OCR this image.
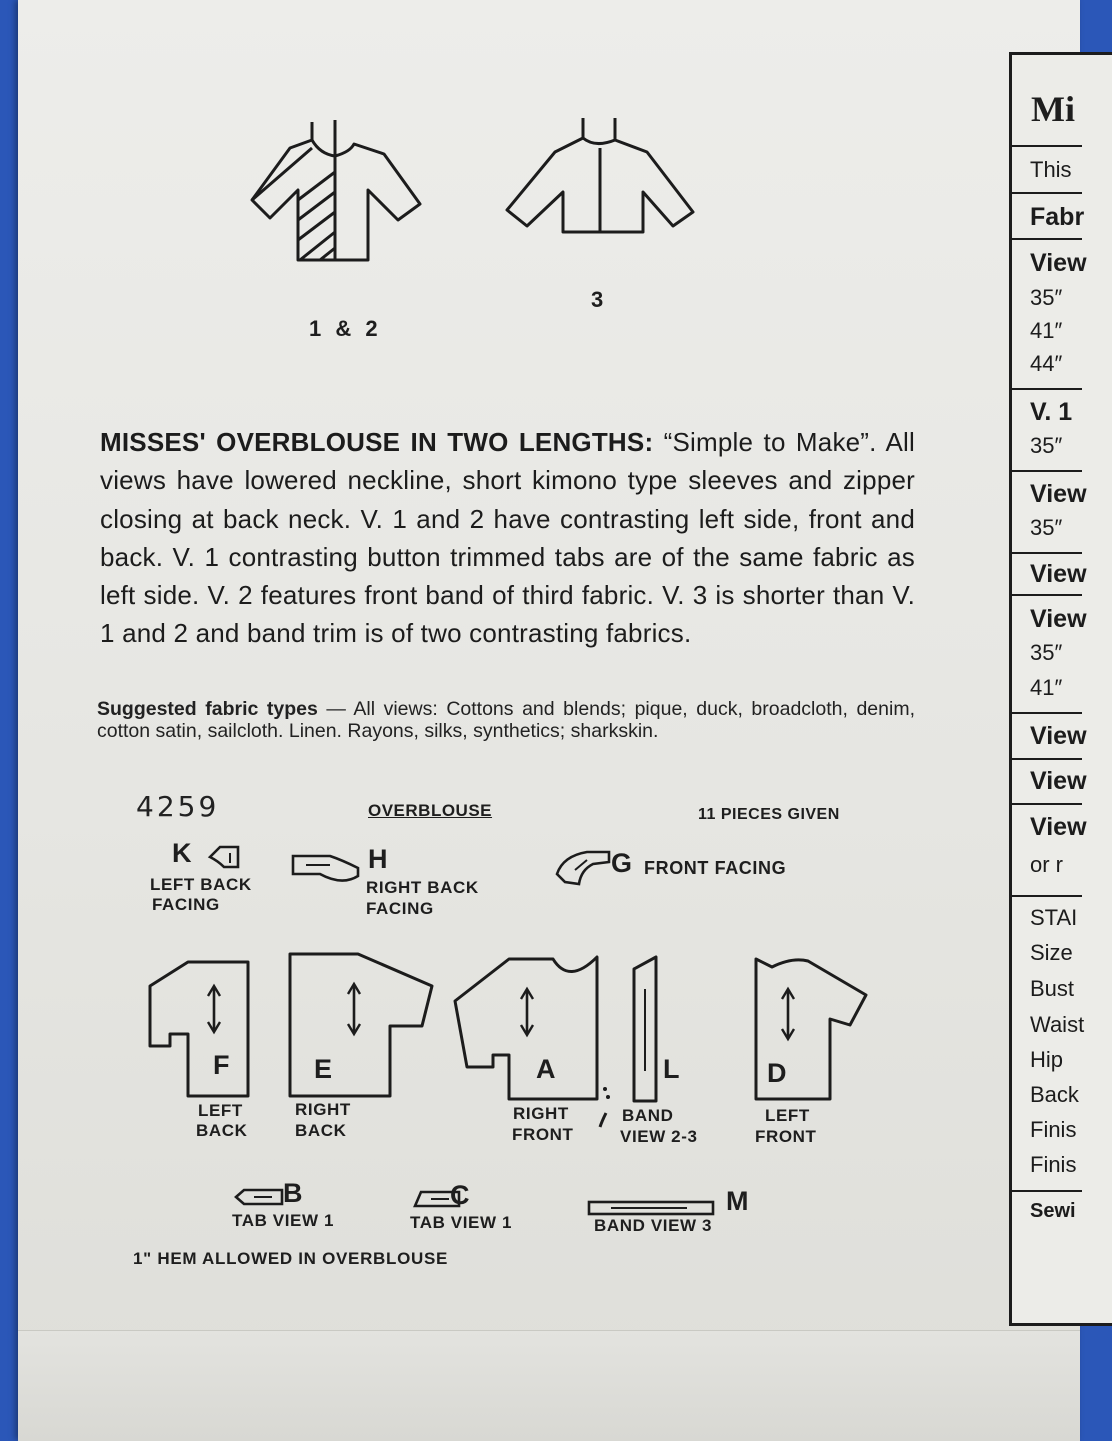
1 & 2
3
MISSES' OVERBLOUSE IN TWO LENGTHS: “Simple to Make”. All views have lowered neckline, short kimono type sleeves and zipper closing at back neck. V. 1 and 2 have contrasting left side, front and back. V. 1 contrasting button trimmed tabs are of the same fabric as left side. V. 2 features front band of third fabric. V. 3 is shorter than V. 1 and 2 and band trim is of two contrasting fabrics.
Suggested fabric types — All views: Cottons and blends; pique, duck, broadcloth, denim, cotton satin, sailcloth. Linen. Rayons, silks, synthetics; sharkskin.
4259	OVERBLOUSE	11 PIECES GIVEN
K
LEFT BACK
FACING
H
RIGHT BACK
FACING
G FRONT FACING
F
LEFT
BACK
E
RIGHT
BACK
A
RIGHT
FRONT
L
BAND
VIEW 2-3
D
LEFT
FRONT
B
TAB VIEW 1
C
TAB VIEW 1
M
BAND VIEW 3
1" HEM ALLOWED IN OVERBLOUSE
Mi
This
Fabr
View
35″
41″
44″
V. 1
35″
View
35″
View
View
35″
41″
View
View
View
or r
STAI
Size
Bust
Waist
Hip
Back
Finis
Finis
Sewi
